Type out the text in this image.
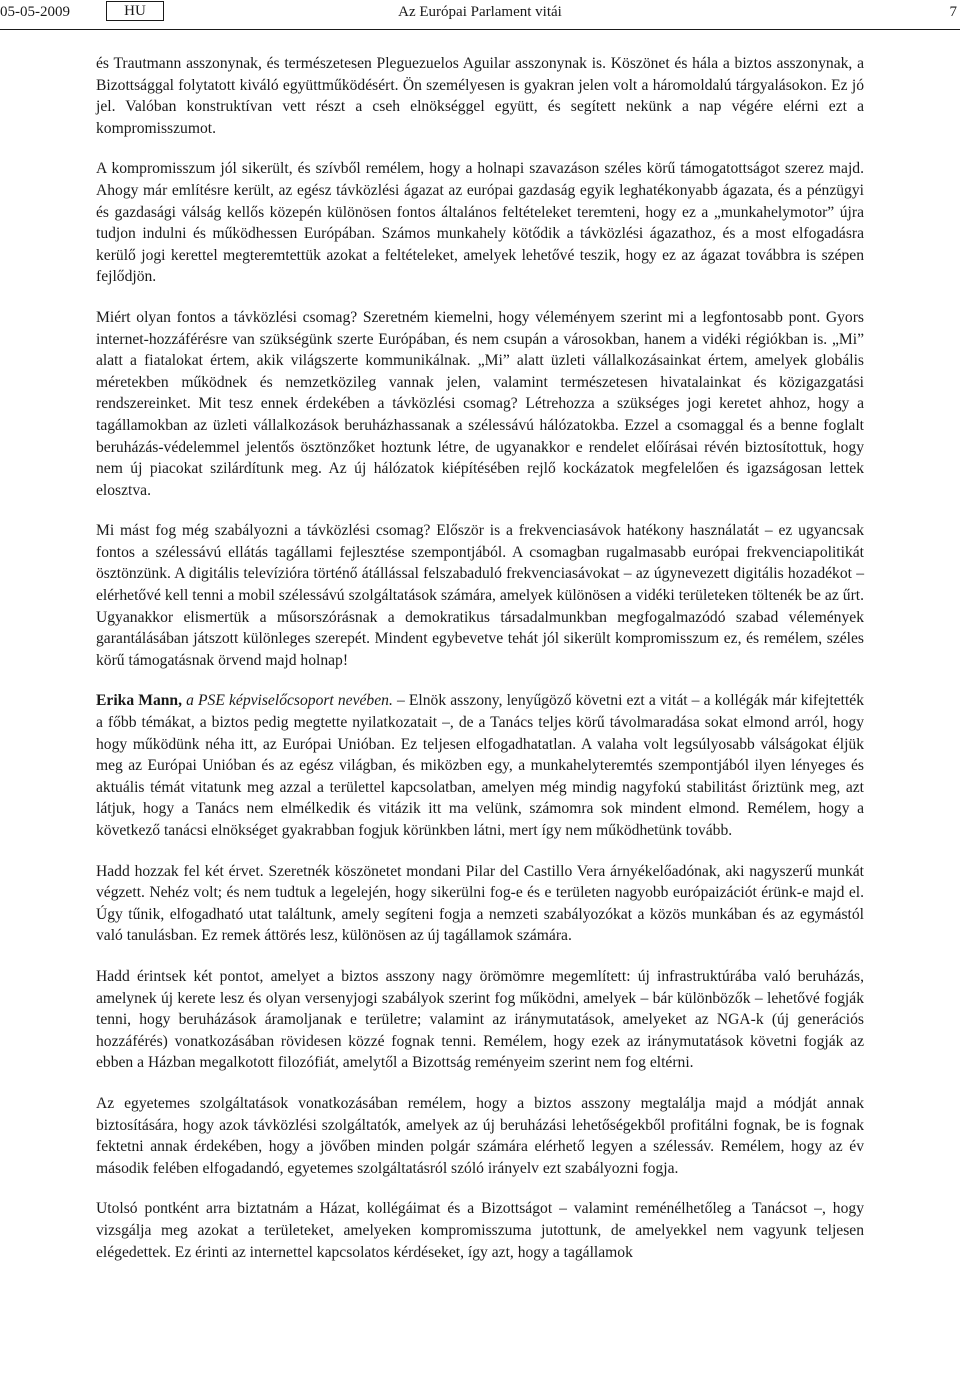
05-05-2009	HU	Az Európai Parlament vitái	7

és Trautmann asszonynak, és természetesen Pleguezuelos Aguilar asszonynak is. Köszönet és hála a biztos asszonynak, a Bizottsággal folytatott kiváló együttműködésért. Ön személyesen is gyakran jelen volt a háromoldalú tárgyalásokon. Ez jó jel. Valóban konstruktívan vett részt a cseh elnökséggel együtt, és segített nekünk a nap végére elérni ezt a kompromisszumot.

A kompromisszum jól sikerült, és szívből remélem, hogy a holnapi szavazáson széles körű támogatottságot szerez majd. Ahogy már említésre került, az egész távközlési ágazat az európai gazdaság egyik leghatékonyabb ágazata, és a pénzügyi és gazdasági válság kellős közepén különösen fontos általános feltételeket teremteni, hogy ez a „munkahelymotor” újra tudjon indulni és működhessen Európában. Számos munkahely kötődik a távközlési ágazathoz, és a most elfogadásra kerülő jogi kerettel megteremtettük azokat a feltételeket, amelyek lehetővé teszik, hogy ez az ágazat továbbra is szépen fejlődjön.

Miért olyan fontos a távközlési csomag? Szeretném kiemelni, hogy véleményem szerint mi a legfontosabb pont. Gyors internet-hozzáférésre van szükségünk szerte Európában, és nem csupán a városokban, hanem a vidéki régiókban is. „Mi” alatt a fiatalokat értem, akik világszerte kommunikálnak. „Mi” alatt üzleti vállalkozásainkat értem, amelyek globális méretekben működnek és nemzetközileg vannak jelen, valamint természetesen hivatalainkat és közigazgatási rendszereinket. Mit tesz ennek érdekében a távközlési csomag? Létrehozza a szükséges jogi keretet ahhoz, hogy a tagállamokban az üzleti vállalkozások beruházhassanak a szélessávú hálózatokba. Ezzel a csomaggal és a benne foglalt beruházás-védelemmel jelentős ösztönzőket hoztunk létre, de ugyanakkor e rendelet előírásai révén biztosítottuk, hogy nem új piacokat szilárdítunk meg. Az új hálózatok kiépítésében rejlő kockázatok megfelelően és igazságosan lettek elosztva.

Mi mást fog még szabályozni a távközlési csomag? Először is a frekvenciasávok hatékony használatát – ez ugyancsak fontos a szélessávú ellátás tagállami fejlesztése szempontjából. A csomagban rugalmasabb európai frekvenciapolitikát ösztönzünk. A digitális televízióra történő átállással felszabaduló frekvenciasávokat – az úgynevezett digitális hozadékot – elérhetővé kell tenni a mobil szélessávú szolgáltatások számára, amelyek különösen a vidéki területeken töltenék be az űrt. Ugyanakkor elismertük a műsorszórásnak a demokratikus társadalmunkban megfogalmazódó szabad vélemények garantálásában játszott különleges szerepét. Mindent egybevetve tehát jól sikerült kompromisszum ez, és remélem, széles körű támogatásnak örvend majd holnap!

Erika Mann, a PSE képviselőcsoport nevében. – Elnök asszony, lenyűgöző követni ezt a vitát – a kollégák már kifejtették a főbb témákat, a biztos pedig megtette nyilatkozatait –, de a Tanács teljes körű távolmaradása sokat elmond arról, hogy hogy működünk néha itt, az Európai Unióban. Ez teljesen elfogadhatatlan. A valaha volt legsúlyosabb válságokat éljük meg az Európai Unióban és az egész világban, és miközben egy, a munkahelyteremtés szempontjából ilyen lényeges és aktuális témát vitatunk meg azzal a területtel kapcsolatban, amelyen még mindig nagyfokú stabilitást őriztünk meg, azt látjuk, hogy a Tanács nem elmélkedik és vitázik itt ma velünk, számomra sok mindent elmond. Remélem, hogy a következő tanácsi elnökséget gyakrabban fogjuk körünkben látni, mert így nem működhetünk tovább.

Hadd hozzak fel két érvet. Szeretnék köszönetet mondani Pilar del Castillo Vera árnyékelőadónak, aki nagyszerű munkát végzett. Nehéz volt; és nem tudtuk a legelején, hogy sikerülni fog-e és e területen nagyobb európaizációt érünk-e majd el. Úgy tűnik, elfogadható utat találtunk, amely segíteni fogja a nemzeti szabályozókat a közös munkában és az egymástól való tanulásban. Ez remek áttörés lesz, különösen az új tagállamok számára.

Hadd érintsek két pontot, amelyet a biztos asszony nagy örömömre megemlített: új infrastruktúrába való beruházás, amelynek új kerete lesz és olyan versenyjogi szabályok szerint fog működni, amelyek – bár különbözők – lehetővé fogják tenni, hogy beruházások áramoljanak e területre; valamint az iránymutatások, amelyeket az NGA-k (új generációs hozzáférés) vonatkozásában rövidesen közzé fognak tenni. Remélem, hogy ezek az iránymutatások követni fogják az ebben a Házban megalkotott filozófiát, amelytől a Bizottság reményeim szerint nem fog eltérni.

Az egyetemes szolgáltatások vonatkozásában remélem, hogy a biztos asszony megtalálja majd a módját annak biztosítására, hogy azok távközlési szolgáltatók, amelyek az új beruházási lehetőségekből profitálni fognak, be is fognak fektetni annak érdekében, hogy a jövőben minden polgár számára elérhető legyen a szélessáv. Remélem, hogy az év második felében elfogadandó, egyetemes szolgáltatásról szóló irányelv ezt szabályozni fogja.

Utolsó pontként arra biztatnám a Házat, kollégáimat és a Bizottságot – valamint reménélhetőleg a Tanácsot –, hogy vizsgálja meg azokat a területeket, amelyeken kompromisszuma jutottunk, de amelyekkel nem vagyunk teljesen elégedettek. Ez érinti az internettel kapcsolatos kérdéseket, így azt, hogy a tagállamok
